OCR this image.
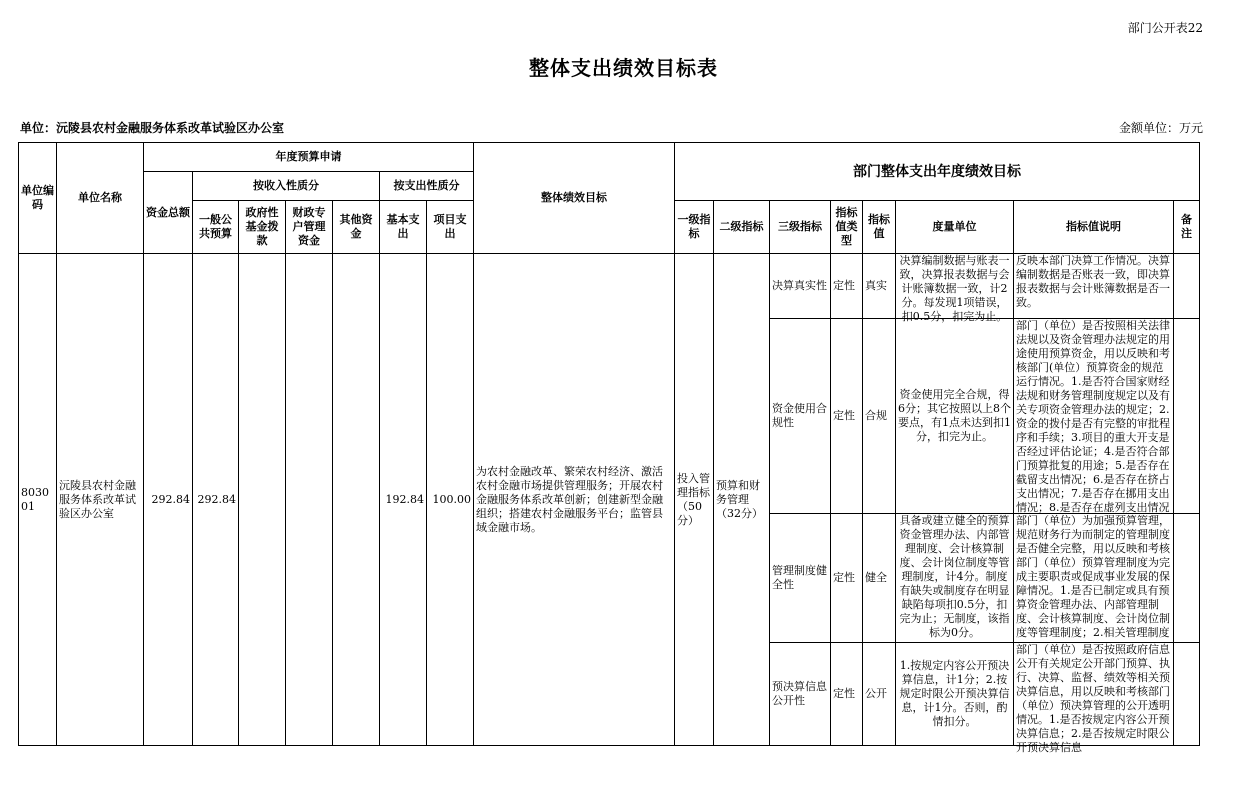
部门公开表22
整体支出绩效目标表
单位：沅陵县农村金融服务体系改革试验区办公室	金额单位：万元
单位编码	单位名称	年度预算申请							整体绩效目标	部门整体支出年度绩效目标							
		资金总额	按收入性质分				按支出性质分										
			一般公共预算	政府性基金拨款	财政专户管理资金	其他资金	基本支出	项目支出		一级指标	二级指标	三级指标	指标值类型	指标值	度量单位	指标值说明	备注

803001	沅陵县农村金融服务体系改革试验区办公室	292.84	292.84				192.84	100.00	为农村金融改革、繁荣农村经济、激活农村金融市场提供管理服务；开展农村金融服务体系改革创新；创建新型金融组织；搭建农村金融服务平台；监管县域金融市场。	投入管理指标（50分）	预算和财务管理（32分）	决算真实性	定性	真实	决算编制数据与账表一致，决算报表数据与会计账簿数据一致，计2分。每发现1项错误，扣0.5分，扣完为止。	反映本部门决算工作情况。决算编制数据是否账表一致，即决算报表数据与会计账簿数据是否一致。	

												资金使用合规性	定性	合规	资金使用完全合规，得6分；其它按照以上8个要点，有1点未达到扣1分，扣完为止。	部门（单位）是否按照相关法律法规以及资金管理办法规定的用途使用预算资金，用以反映和考核部门(单位）预算资金的规范运行情况。1.是否符合国家财经法规和财务管理制度规定以及有关专项资金管理办法的规定；2.资金的拨付是否有完整的审批程序和手续；3.项目的重大开支是否经过评估论证；4.是否符合部门预算批复的用途；5.是否存在截留支出情况；6.是否存在挤占支出情况；7.是否存在挪用支出情况；8.是否存在虚列支出情况	

												管理制度健全性	定性	健全	具备或建立健全的预算资金管理办法、内部管理制度、会计核算制度、会计岗位制度等管理制度，计4分。制度有缺失或制度存在明显缺陷每项扣0.5分，扣完为止；无制度，该指标为0分。	部门（单位）为加强预算管理，规范财务行为而制定的管理制度是否健全完整，用以反映和考核部门（单位）预算管理制度为完成主要职责或促成事业发展的保障情况。1.是否已制定或具有预算资金管理办法、内部管理制度、会计核算制度、会计岗位制度等管理制度；2.相关管理制度	

												预决算信息公开性	定性	公开	1.按规定内容公开预决算信息，计1分；2.按规定时限公开预决算信息，计1分。否则，酌情扣分。	部门（单位）是否按照政府信息公开有关规定公开部门预算、执行、决算、监督、绩效等相关预决算信息，用以反映和考核部门（单位）预决算管理的公开透明情况。1.是否按规定内容公开预决算信息；2.是否按规定时限公开预决算信息	
